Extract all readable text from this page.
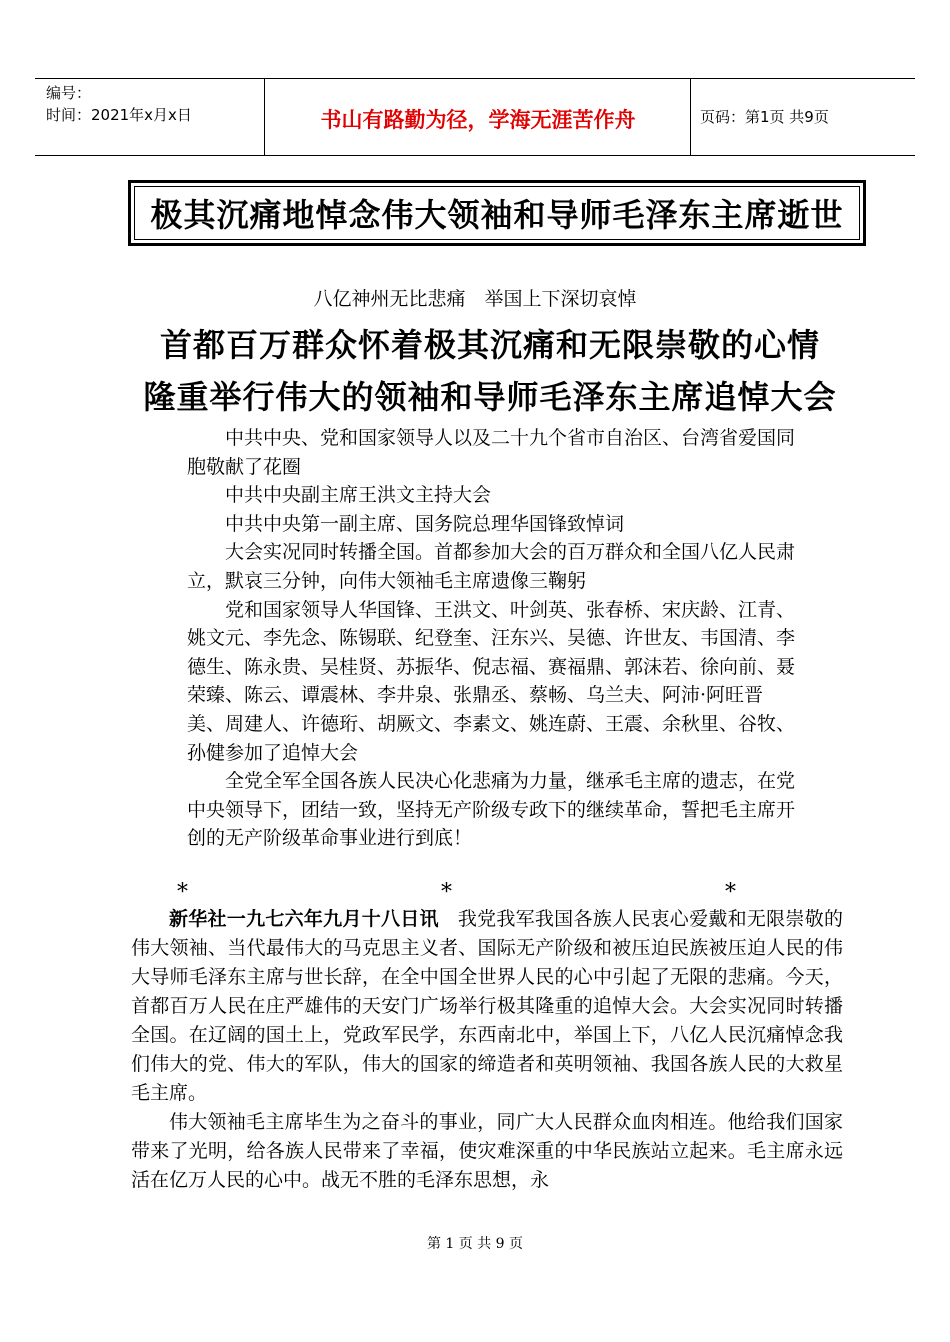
编号：
时间：2021年x月x日	书山有路勤为径，学海无涯苦作舟	页码：第1页 共9页
极其沉痛地悼念伟大领袖和导师毛泽东主席逝世
八亿神州无比悲痛　举国上下深切哀悼
首都百万群众怀着极其沉痛和无限崇敬的心情
隆重举行伟大的领袖和导师毛泽东主席追悼大会

中共中央、党和国家领导人以及二十九个省市自治区、台湾省爱国同胞敬献了花圈

中共中央副主席王洪文主持大会

中共中央第一副主席、国务院总理华国锋致悼词

大会实况同时转播全国。首都参加大会的百万群众和全国八亿人民肃立，默哀三分钟，向伟大领袖毛主席遗像三鞠躬

党和国家领导人华国锋、王洪文、叶剑英、张春桥、宋庆龄、江青、姚文元、李先念、陈锡联、纪登奎、汪东兴、吴德、许世友、韦国清、李德生、陈永贵、吴桂贤、苏振华、倪志福、赛福鼎、郭沫若、徐向前、聂荣臻、陈云、谭震林、李井泉、张鼎丞、蔡畅、乌兰夫、阿沛·阿旺晋美、周建人、许德珩、胡厥文、李素文、姚连蔚、王震、余秋里、谷牧、孙健参加了追悼大会

全党全军全国各族人民决心化悲痛为力量，继承毛主席的遗志，在党中央领导下，团结一致，坚持无产阶级专政下的继续革命，誓把毛主席开创的无产阶级革命事业进行到底！

*	*	*

新华社一九七六年九月十八日讯 我党我军我国各族人民衷心爱戴和无限崇敬的伟大领袖、当代最伟大的马克思主义者、国际无产阶级和被压迫民族被压迫人民的伟大导师毛泽东主席与世长辞，在全中国全世界人民的心中引起了无限的悲痛。今天，首都百万人民在庄严雄伟的天安门广场举行极其隆重的追悼大会。大会实况同时转播全国。在辽阔的国土上，党政军民学，东西南北中，举国上下，八亿人民沉痛悼念我们伟大的党、伟大的军队，伟大的国家的缔造者和英明领袖、我国各族人民的大救星毛主席。

伟大领袖毛主席毕生为之奋斗的事业，同广大人民群众血肉相连。他给我们国家带来了光明，给各族人民带来了幸福，使灾难深重的中华民族站立起来。毛主席永远活在亿万人民的心中。战无不胜的毛泽东思想，永

第 1 页 共 9 页
